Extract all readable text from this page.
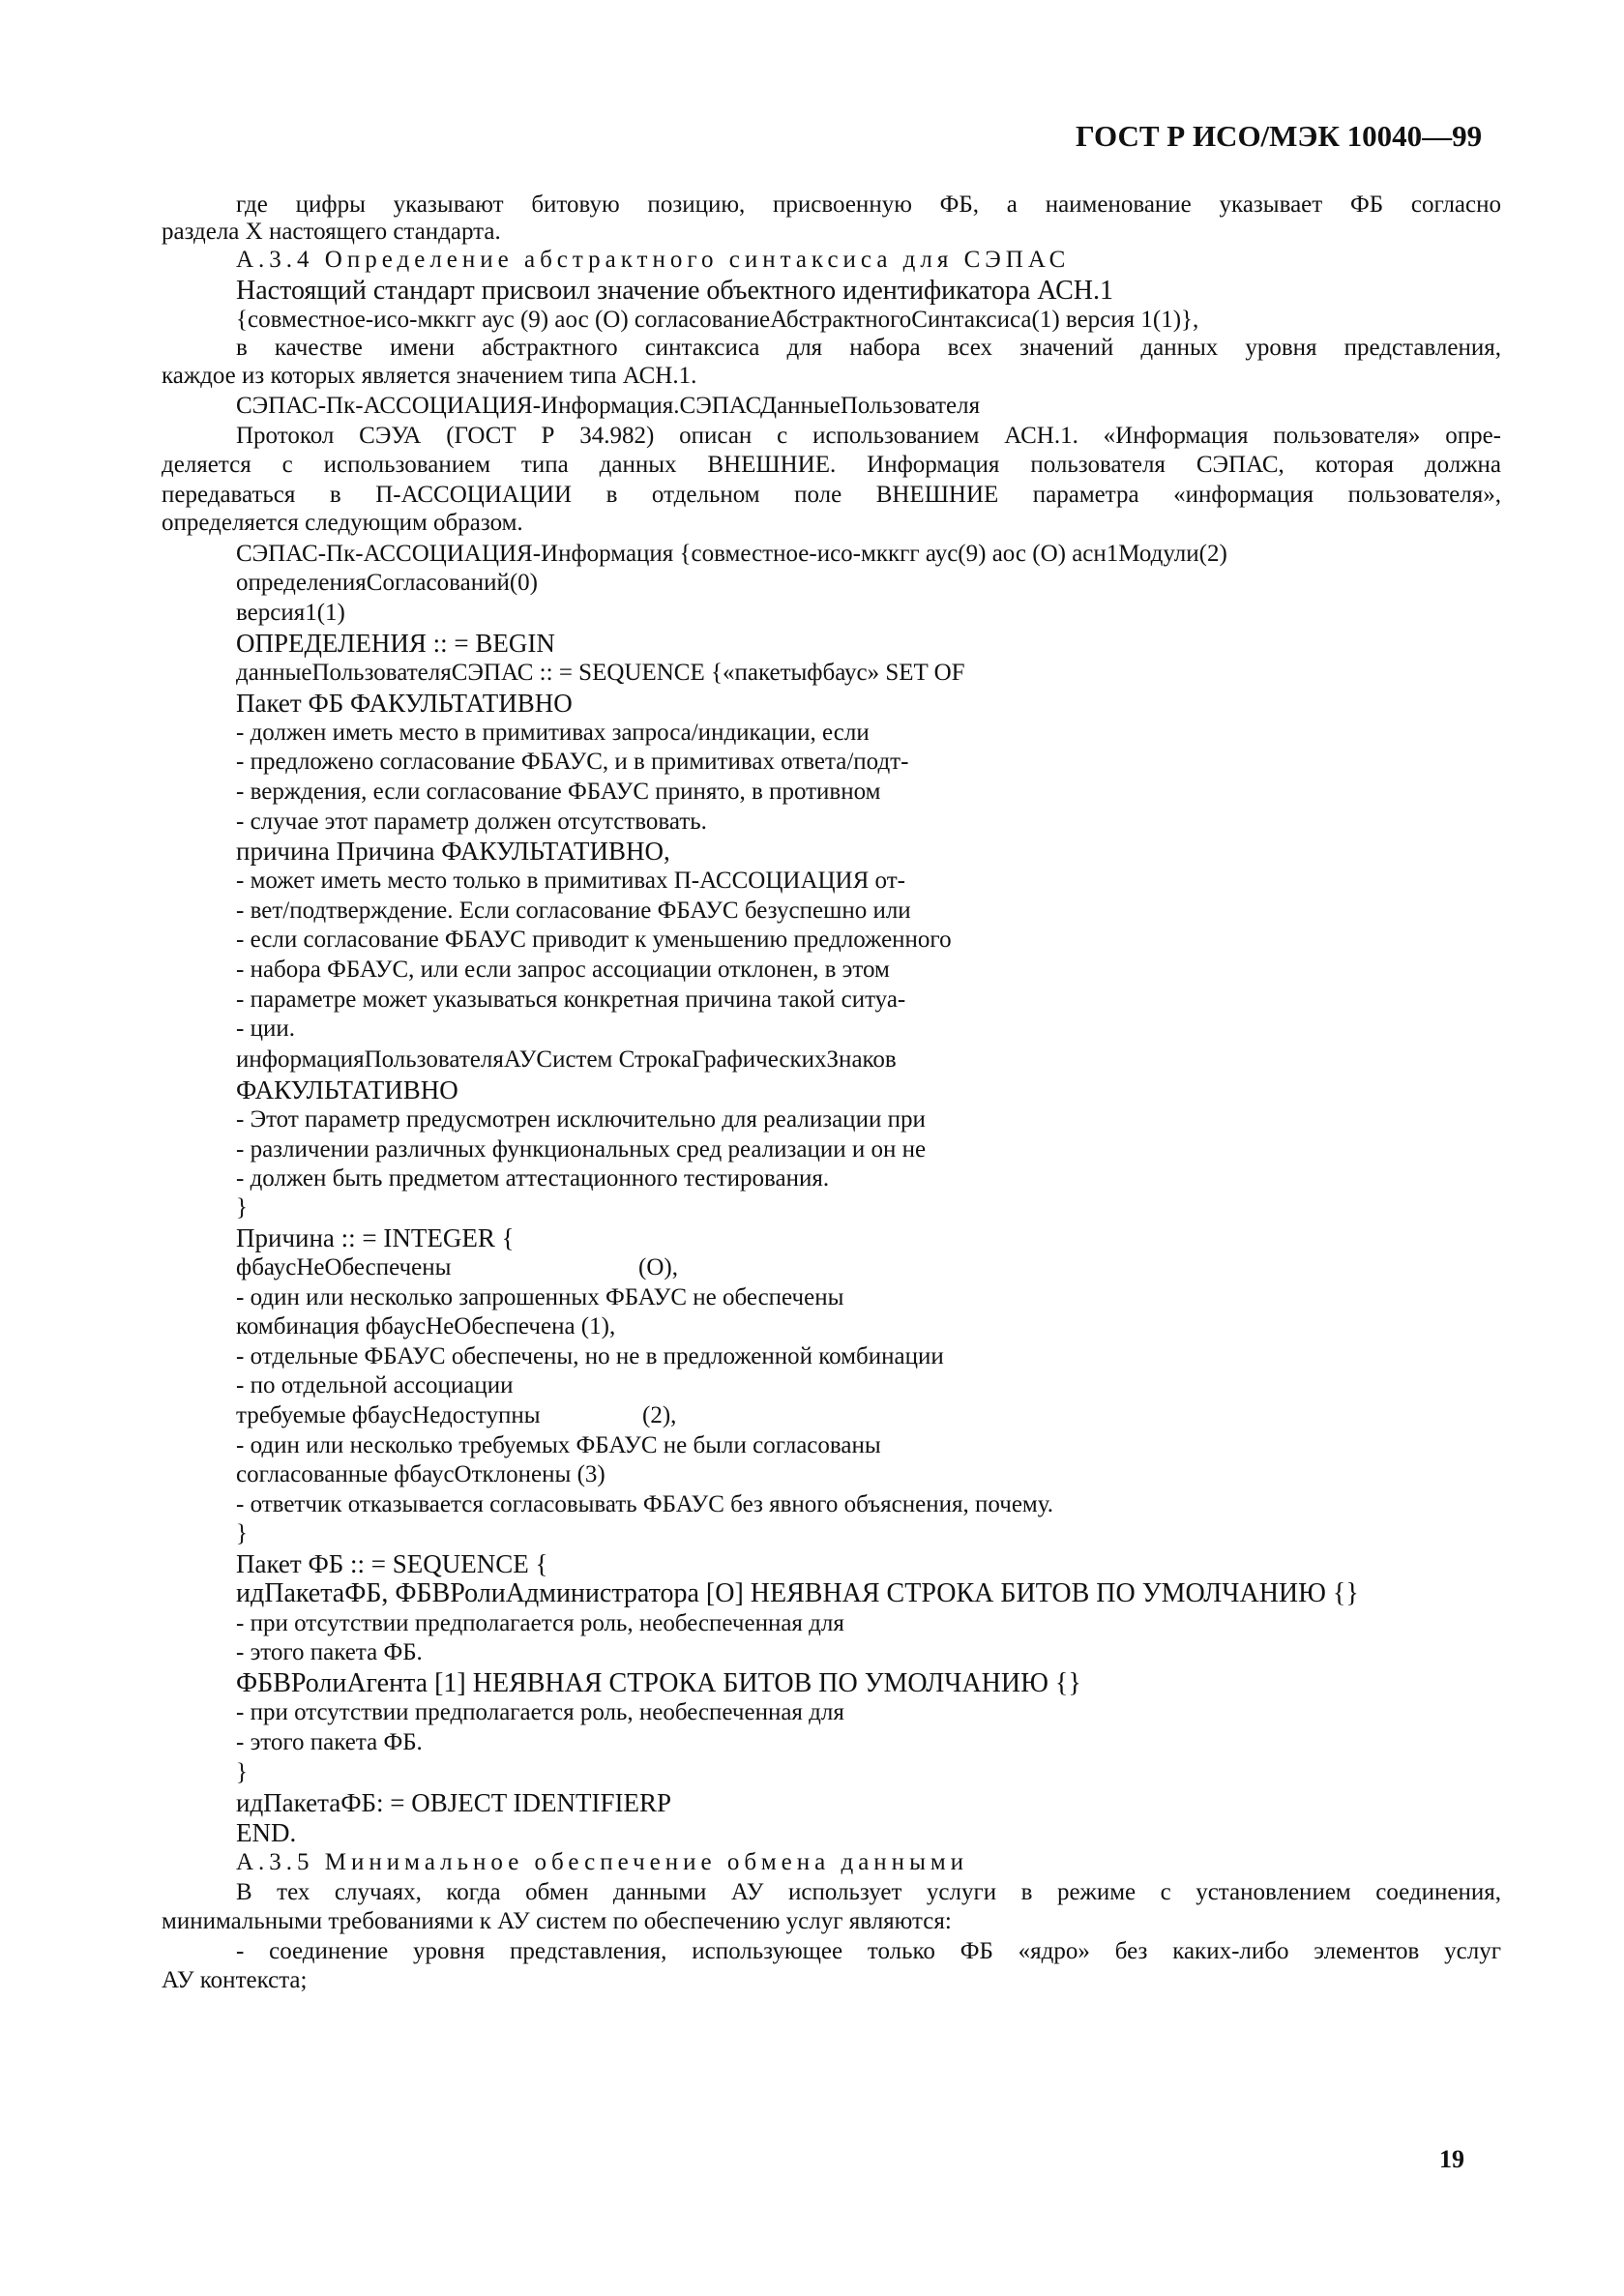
ГОСТ Р ИСО/МЭК 10040—99
где цифры указывают битовую позицию, присвоенную ФБ, а наименование указывает ФБ согласно
раздела X настоящего стандарта.
А.3.4 Определение абстрактного синтаксиса для СЭПАС
Настоящий стандарт присвоил значение объектного идентификатора АСН.1
{совместное-исо-мккгг аус (9) аос (О) согласованиеАбстрактногоСинтаксиса(1) версия 1(1)},
в качестве имени абстрактного синтаксиса для набора всех значений данных уровня представления,
каждое из которых является значением типа АСН.1.
СЭПАС-Пк-АССОЦИАЦИЯ-Информация.СЭПАСДанныеПользователя
Протокол СЭУА (ГОСТ Р 34.982) описан с использованием АСН.1. «Информация пользователя» опре-
деляется с использованием типа данных ВНЕШНИЕ. Информация пользователя СЭПАС, которая должна
передаваться в П-АССОЦИАЦИИ в отдельном поле ВНЕШНИЕ параметра «информация пользователя»,
определяется следующим образом.
СЭПАС-Пк-АССОЦИАЦИЯ-Информация {совместное-исо-мккгг аус(9) аос (О) асн1Модули(2)
определенияСогласований(0)
версия1(1)
ОПРЕДЕЛЕНИЯ :: = BEGIN
данныеПользователяСЭПАС :: = SEQUENCE {«пакетыфбаус» SET OF
Пакет ФБ ФАКУЛЬТАТИВНО
- должен иметь место в примитивах запроса/индикации, если
- предложено согласование ФБАУС, и в примитивах ответа/подт-
- верждения, если согласование ФБАУС принято, в противном
- случае этот параметр должен отсутствовать.
причина Причина ФАКУЛЬТАТИВНО,
- может иметь место только в примитивах П-АССОЦИАЦИЯ от-
- вет/подтверждение. Если согласование ФБАУС безуспешно или
- если согласование ФБАУС приводит к уменьшению предложенного
- набора ФБАУС, или если запрос ассоциации отклонен, в этом
- параметре может указываться конкретная причина такой ситуа-
- ции.
информацияПользователяАУСистем СтрокаГрафическихЗнаков
ФАКУЛЬТАТИВНО
- Этот параметр предусмотрен исключительно для реализации при
- различении различных функциональных сред реализации и он не
- должен быть предметом аттестационного тестирования.
}
Причина :: = INTEGER {
фбаусНеОбеспечены	(О),
- один или несколько запрошенных ФБАУС не обеспечены
комбинация фбаусНеОбеспечена (1),
- отдельные ФБАУС обеспечены, но не в предложенной комбинации
- по отдельной ассоциации
требуемые фбаусНедоступны	(2),
- один или несколько требуемых ФБАУС не были согласованы
согласованные фбаусОтклонены (3)
- ответчик отказывается согласовывать ФБАУС без явного объяснения, почему.
}
Пакет ФБ :: = SEQUENCE {
идПакетаФБ, ФБВРолиАдминистратора [О] НЕЯВНАЯ СТРОКА БИТОВ ПО УМОЛЧАНИЮ {}
- при отсутствии предполагается роль, необеспеченная для
- этого пакета ФБ.
ФБВРолиАгента [1] НЕЯВНАЯ СТРОКА БИТОВ ПО УМОЛЧАНИЮ {}
- при отсутствии предполагается роль, необеспеченная для
- этого пакета ФБ.
}
идПакетаФБ: = OBJECT IDENTIFIERP
END.
А.3.5 Минимальное обеспечение обмена данными
В тех случаях, когда обмен данными АУ использует услуги в режиме с установлением соединения,
минимальными требованиями к АУ систем по обеспечению услуг являются:
- соединение уровня представления, использующее только ФБ «ядро» без каких-либо элементов услуг
АУ контекста;
19
